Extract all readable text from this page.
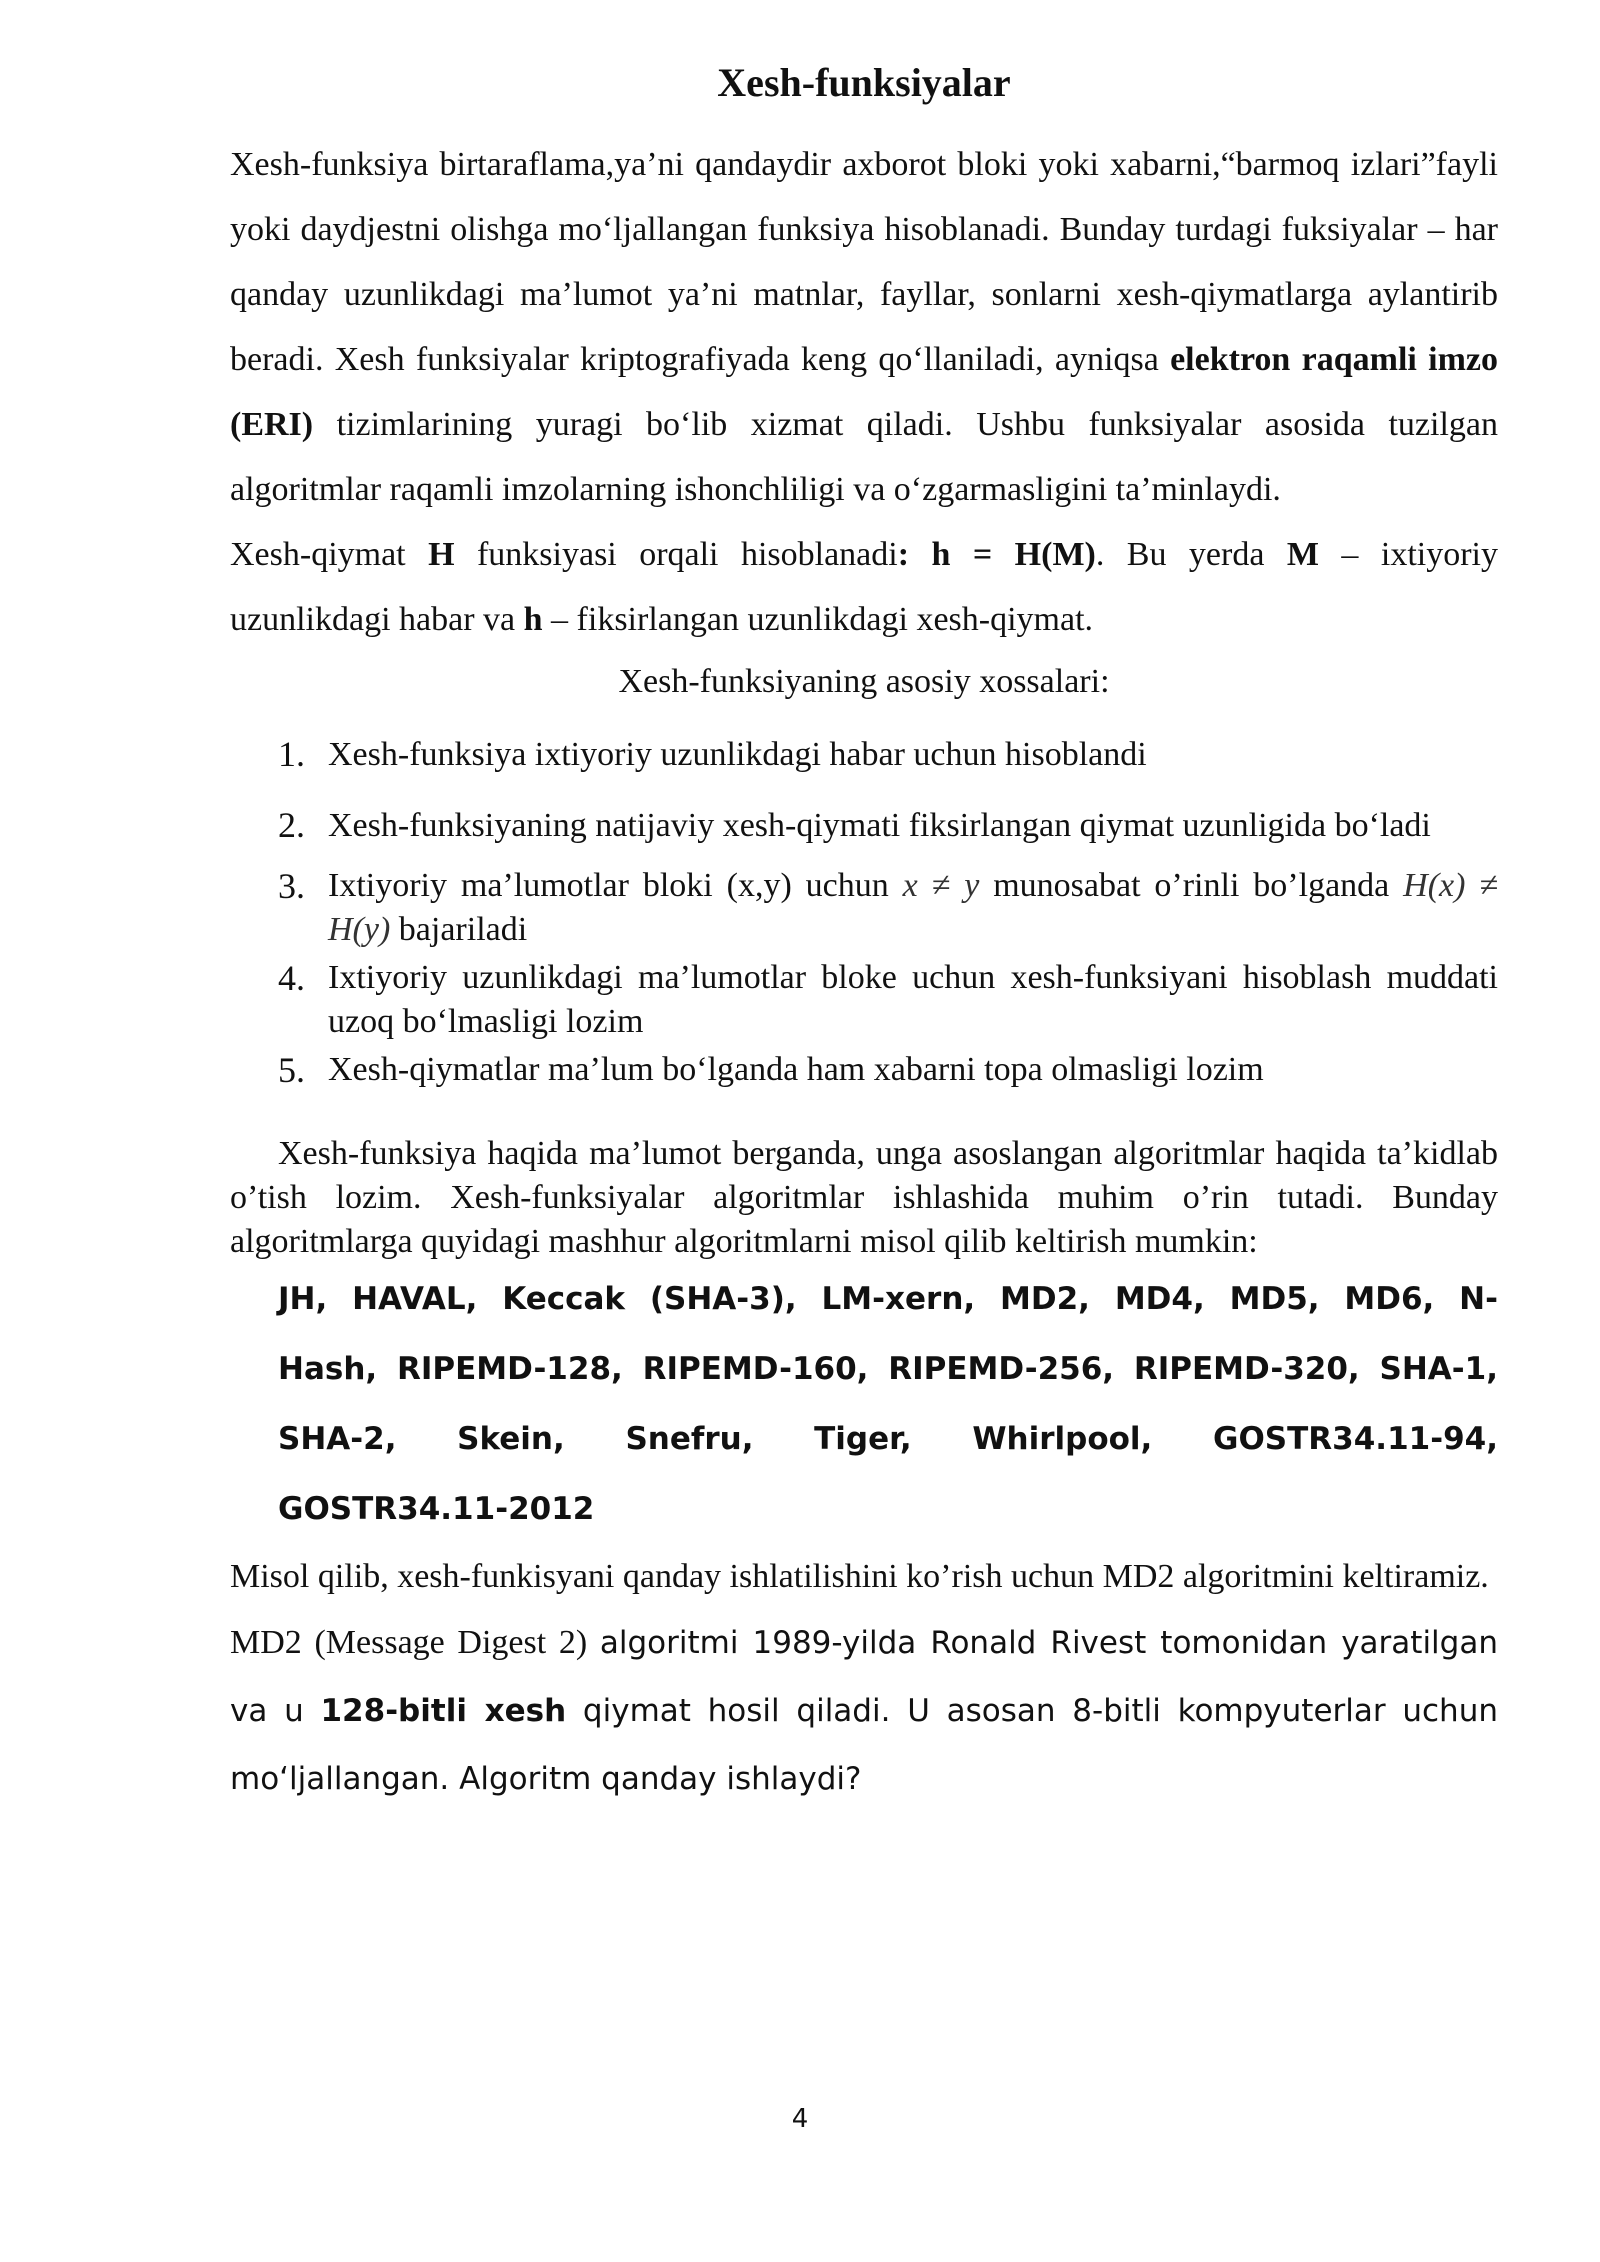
Xesh-funksiyalar

Xesh-funksiya birtaraflama,ya’ni qandaydir axborot bloki yoki xabarni,“barmoq izlari”fayli yoki daydjestni olishga mo‘ljallangan funksiya hisoblanadi. Bunday turdagi fuksiyalar – har qanday uzunlikdagi ma’lumot ya’ni matnlar, fayllar, sonlarni xesh-qiymatlarga aylantirib beradi. Xesh funksiyalar kriptografiyada keng qo‘llaniladi, ayniqsa elektron raqamli imzo (ERI) tizimlarining yuragi bo‘lib xizmat qiladi. Ushbu funksiyalar asosida tuzilgan algoritmlar raqamli imzolarning ishonchliligi va o‘zgarmasligini ta’minlaydi.

Xesh-qiymat H funksiyasi orqali hisoblanadi: h = H(M). Bu yerda M – ixtiyoriy uzunlikdagi habar va h – fiksirlangan uzunlikdagi xesh-qiymat.

Xesh-funksiyaning asosiy xossalari:

1. Xesh-funksiya ixtiyoriy uzunlikdagi habar uchun hisoblandi
2. Xesh-funksiyaning natijaviy xesh-qiymati fiksirlangan qiymat uzunligida bo‘ladi
3. Ixtiyoriy ma’lumotlar bloki (x,y) uchun x ≠ y munosabat o’rinli bo’lganda H(x) ≠ H(y) bajariladi
4. Ixtiyoriy uzunlikdagi ma’lumotlar bloke uchun xesh-funksiyani hisoblash muddati uzoq bo‘lmasligi lozim
5. Xesh-qiymatlar ma’lum bo‘lganda ham xabarni topa olmasligi lozim

Xesh-funksiya haqida ma’lumot berganda, unga asoslangan algoritmlar haqida ta’kidlab o’tish lozim. Xesh-funksiyalar algoritmlar ishlashida muhim o’rin tutadi. Bunday algoritmlarga quyidagi mashhur algoritmlarni misol qilib keltirish mumkin:

JH, HAVAL, Keccak (SHA-3), LM-xern, MD2, MD4, MD5, MD6, N-Hash, RIPEMD-128, RIPEMD-160, RIPEMD-256, RIPEMD-320, SHA-1, SHA-2, Skein, Snefru, Tiger, Whirlpool, GOSTR34.11-94, GOSTR34.11-2012

Misol qilib, xesh-funkisyani qanday ishlatilishini ko’rish uchun MD2 algoritmini keltiramiz.

MD2 (Message Digest 2) algoritmi 1989-yilda Ronald Rivest tomonidan yaratilgan va u 128-bitli xesh qiymat hosil qiladi. U asosan 8-bitli kompyuterlar uchun mo‘ljallangan. Algoritm qanday ishlaydi?

4
